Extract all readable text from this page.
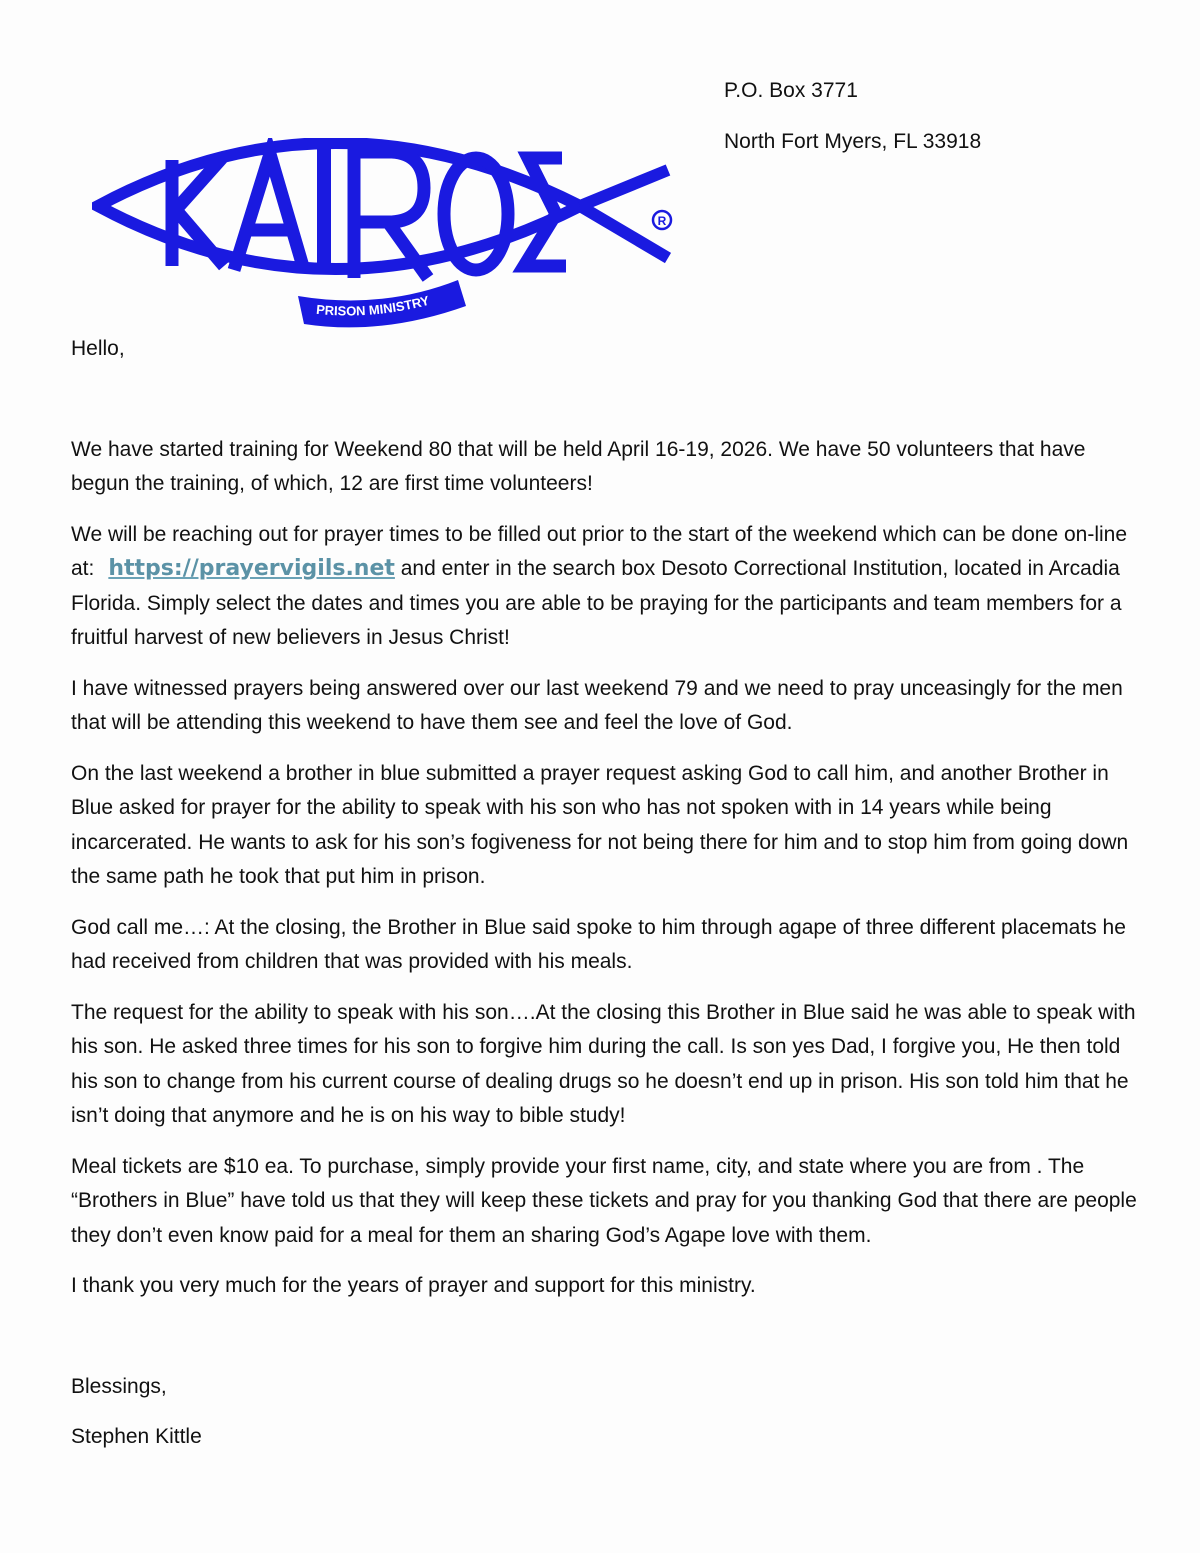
R
PRISON MINISTRY
P.O. Box 3771
North Fort Myers, FL 33918

Hello,

We have started training for Weekend 80 that will be held April 16-19, 2026. We have 50 volunteers that have begun the training, of which, 12 are first time volunteers!

We will be reaching out for prayer times to be filled out prior to the start of the weekend which can be done on-line at: https://prayervigils.net and enter in the search box Desoto Correctional Institution, located in Arcadia Florida. Simply select the dates and times you are able to be praying for the participants and team members for a fruitful harvest of new believers in Jesus Christ!

I have witnessed prayers being answered over our last weekend 79 and we need to pray unceasingly for the men that will be attending this weekend to have them see and feel the love of God.

On the last weekend a brother in blue submitted a prayer request asking God to call him, and another Brother in Blue asked for prayer for the ability to speak with his son who has not spoken with in 14 years while being incarcerated. He wants to ask for his son’s fogiveness for not being there for him and to stop him from going down the same path he took that put him in prison.

God call me…: At the closing, the Brother in Blue said spoke to him through agape of three different placemats he had received from children that was provided with his meals.

The request for the ability to speak with his son….At the closing this Brother in Blue said he was able to speak with his son. He asked three times for his son to forgive him during the call. Is son yes Dad, I forgive you, He then told his son to change from his current course of dealing drugs so he doesn’t end up in prison. His son told him that he isn’t doing that anymore and he is on his way to bible study!

Meal tickets are $10 ea. To purchase, simply provide your first name, city, and state where you are from . The “Brothers in Blue” have told us that they will keep these tickets and pray for you thanking God that there are people they don’t even know paid for a meal for them an sharing God’s Agape love with them.

I thank you very much for the years of prayer and support for this ministry.

Blessings,

Stephen Kittle
